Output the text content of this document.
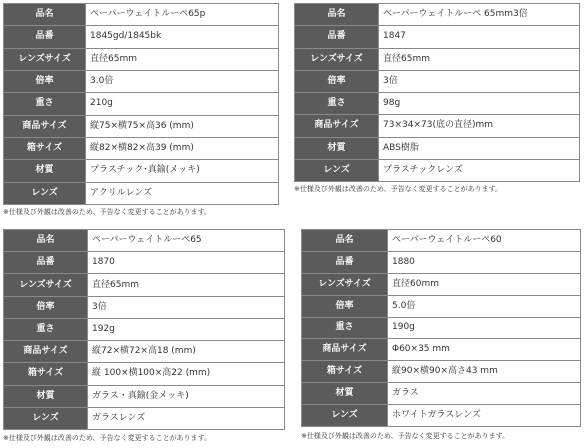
品名	ペーパーウェイトルーペ65p
品番	1845gd/1845bk
レンズサイズ	直径65mm
倍率	3.0倍
重さ	210g
商品サイズ	縦75×横75×高36 (mm)
箱サイズ	縦82×横82×高39 (mm)
材質	プラスチック･真鍮(メッキ)
レンズ	アクリルレンズ
※仕様及び外観は改善のため、予告なく変更することがあります。
品名	ペーパーウェイトルーペ 65mm3倍
品番	1847
レンズサイズ	直径65mm
倍率	3倍
重さ	98g
商品サイズ	73×34×73(底の直径)mm
材質	ABS樹脂
レンズ	プラスチックレンズ
※仕様及び外観は改善のため、予告なく変更することがあります。
品名	ペーパーウェイトルーペ65
品番	1870
レンズサイズ	直径65mm
倍率	3倍
重さ	192g
商品サイズ	縦72×横72×高18 (mm)
箱サイズ	縦 100×横100×高22 (mm)
材質	ガラス・真鍮(金メッキ)
レンズ	ガラスレンズ
※仕様及び外観は改善のため、予告なく変更することがあります。
品名	ペーパーウェイトルーペ60
品番	1880
レンズサイズ	直径60mm
倍率	5.0倍
重さ	190g
商品サイズ	Φ60×35 mm
箱サイズ	縦90×横90×高さ43 mm
材質	ガラス
レンズ	ホワイトガラスレンズ
※仕様及び外観は改善のため、予告なく変更することがあります。
